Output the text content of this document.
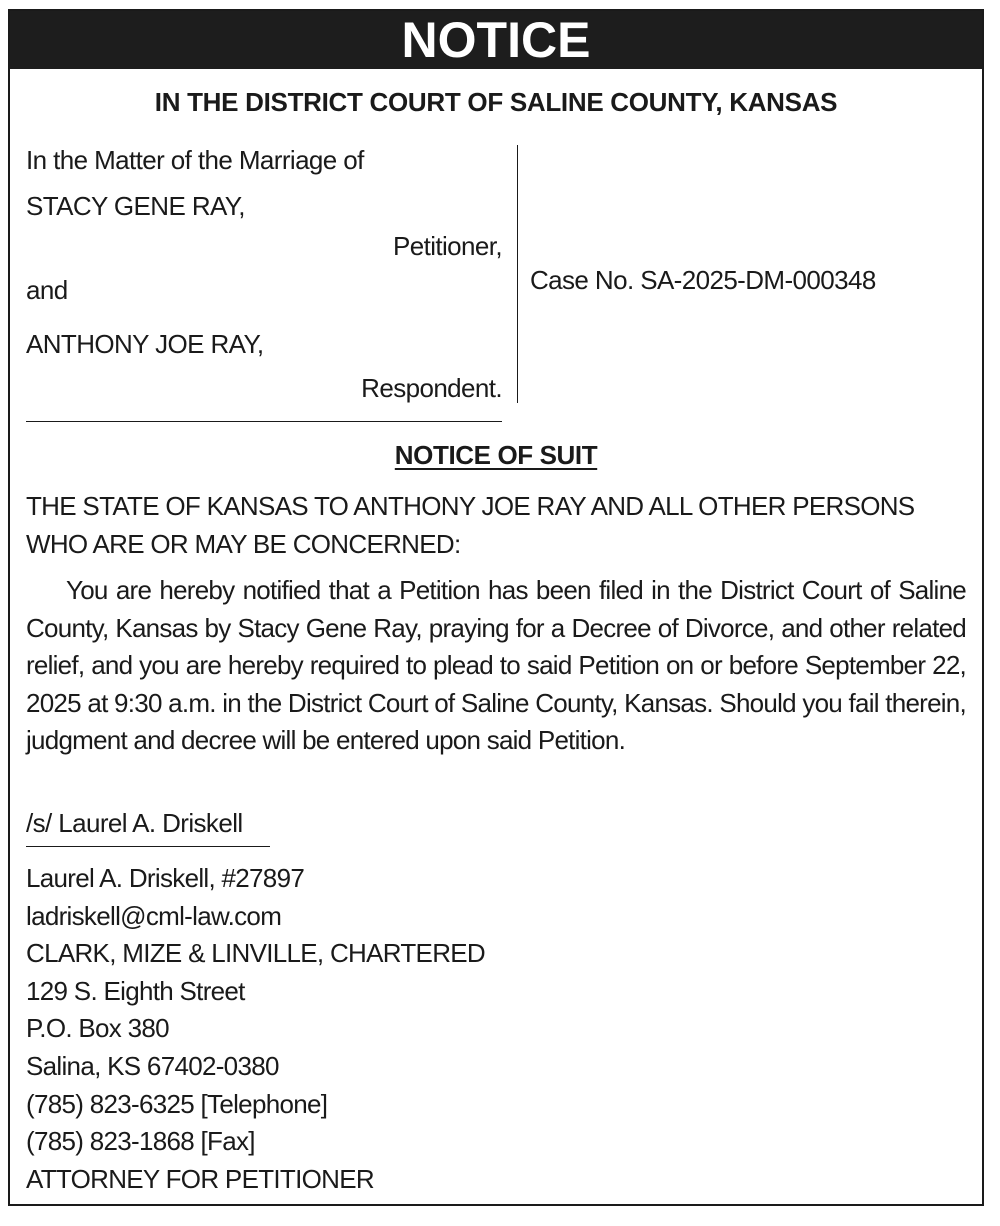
NOTICE
IN THE DISTRICT COURT OF SALINE COUNTY, KANSAS
In the Matter of the Marriage of
STACY GENE RAY,
Petitioner,
and
ANTHONY JOE RAY,
Respondent.
Case No. SA-2025-DM-000348
NOTICE OF SUIT
THE STATE OF KANSAS TO ANTHONY JOE RAY AND ALL OTHER PERSONS WHO ARE OR MAY BE CONCERNED:
You are hereby notified that a Petition has been filed in the District Court of Saline County, Kansas by Stacy Gene Ray, praying for a Decree of Divorce, and other related relief, and you are hereby required to plead to said Petition on or before September 22, 2025 at 9:30 a.m. in the District Court of Saline County, Kansas. Should you fail therein, judgment and decree will be entered upon said Petition.
/s/ Laurel A. Driskell
Laurel A. Driskell, #27897
ladriskell@cml-law.com
CLARK, MIZE & LINVILLE, CHARTERED
129 S. Eighth Street
P.O. Box 380
Salina, KS 67402-0380
(785) 823-6325 [Telephone]
(785) 823-1868 [Fax]
ATTORNEY FOR PETITIONER
